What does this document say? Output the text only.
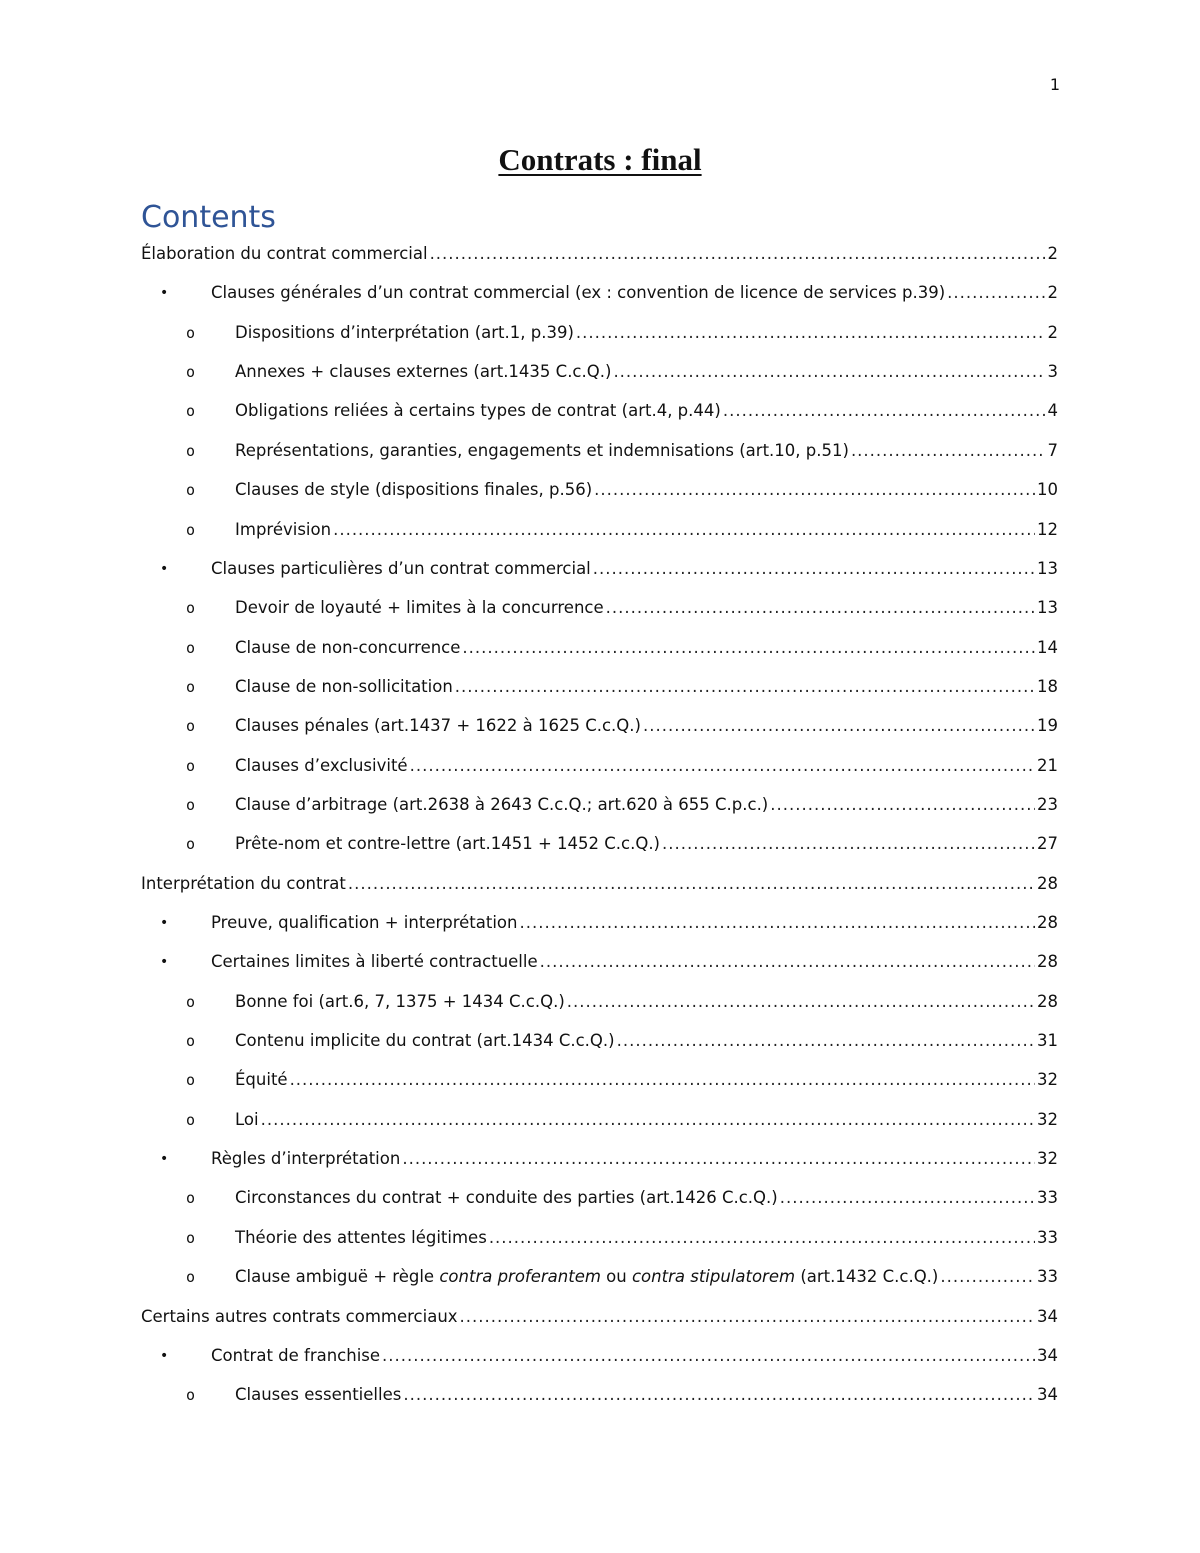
1
Contrats : final
Contents
Élaboration du contrat commercial .....	2
•	Clauses générales d’un contrat commercial (ex : convention de licence de services p.39) .....	2
o Dispositions d’interprétation (art.1, p.39) .....	2
o Annexes + clauses externes (art.1435 C.c.Q.) .....	3
o Obligations reliées à certains types de contrat (art.4, p.44) .....	4
o Représentations, garanties, engagements et indemnisations (art.10, p.51) .....	7
o Clauses de style (dispositions finales, p.56) .....	10
o Imprévision .....	12
•	Clauses particulières d’un contrat commercial .....	13
o Devoir de loyauté + limites à la concurrence .....	13
o Clause de non-concurrence .....	14
o Clause de non-sollicitation .....	18
o Clauses pénales (art.1437 + 1622 à 1625 C.c.Q.) .....	19
o Clauses d’exclusivité .....	21
o Clause d’arbitrage (art.2638 à 2643 C.c.Q.; art.620 à 655 C.p.c.) .....	23
o Prête-nom et contre-lettre (art.1451 + 1452 C.c.Q.) .....	27
Interprétation du contrat .....	28
•	Preuve, qualification + interprétation .....	28
•	Certaines limites à liberté contractuelle .....	28
o Bonne foi (art.6, 7, 1375 + 1434 C.c.Q.) .....	28
o Contenu implicite du contrat (art.1434 C.c.Q.) .....	31
o Équité .....	32
o Loi .....	32
•	Règles d’interprétation .....	32
o Circonstances du contrat + conduite des parties (art.1426 C.c.Q.) .....	33
o Théorie des attentes légitimes .....	33
o Clause ambiguë + règle contra proferantem ou contra stipulatorem (art.1432 C.c.Q.) .....	33
Certains autres contrats commerciaux .....	34
•	Contrat de franchise .....	34
o Clauses essentielles .....	34
